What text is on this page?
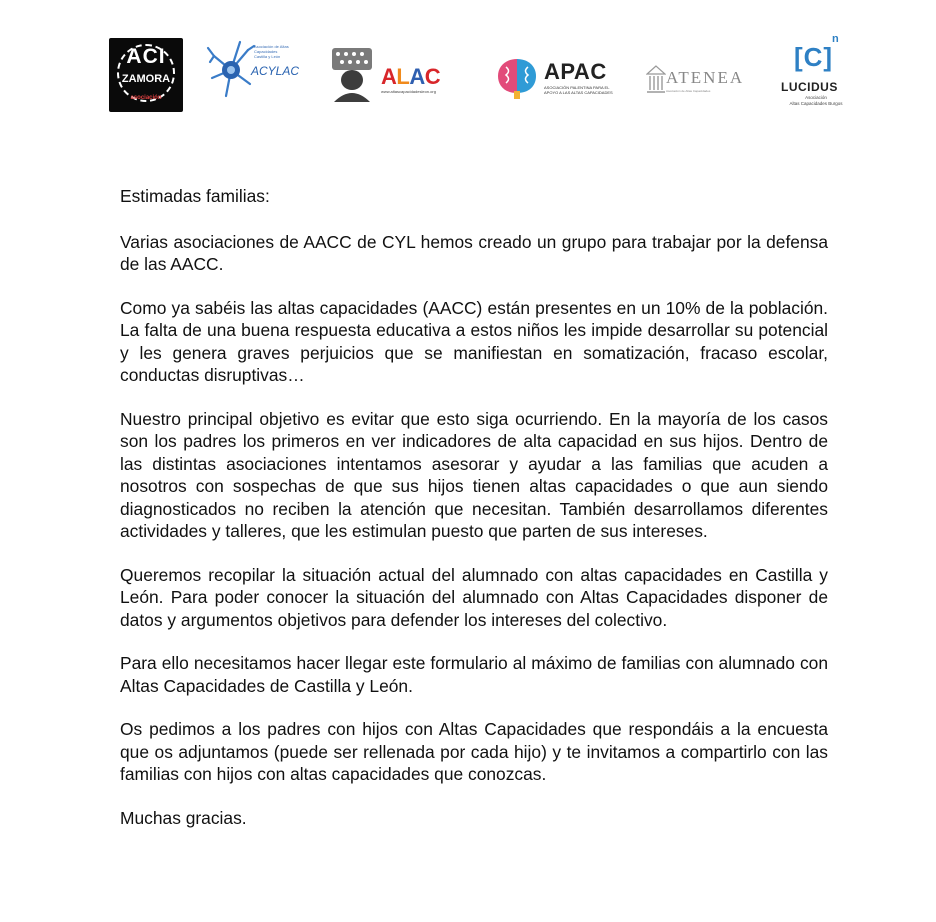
ACI
ZAMORA
asociación
Asociación de Altas Capacidades Castilla y León
ACYLAC	ALAC
www.altascapacidadesleon.org
APAC
ASOCIACIÓN PALENTINA PARA EL
APOYO A LAS ALTAS CAPACIDADES
ATENEA
Asociación de Altas Capacidades
[C]
n
LUCIDUS
Asociación
Altas Capacidades Burgos

Estimadas familias:

Varias asociaciones de AACC de CYL hemos creado un grupo para trabajar por la defensa de las AACC.

Como ya sabéis las altas capacidades (AACC) están presentes en un 10% de la población. La falta de una buena respuesta educativa a estos niños les impide desarrollar su potencial y les genera graves perjuicios que se manifiestan en somatización, fracaso escolar, conductas disruptivas…

Nuestro principal objetivo es evitar que esto siga ocurriendo. En la mayoría de los casos son los padres los primeros en ver indicadores de alta capacidad en sus hijos. Dentro de las distintas asociaciones intentamos asesorar y ayudar a las familias que acuden a nosotros con sospechas de que sus hijos tienen altas capacidades o que aun siendo diagnosticados no reciben la atención que necesitan. También desarrollamos diferentes actividades y talleres, que les estimulan puesto que parten de sus intereses.

Queremos recopilar la situación actual del alumnado con altas capacidades en Castilla y León. Para poder conocer la situación del alumnado con Altas Capacidades disponer de datos y argumentos objetivos para defender los intereses del colectivo.

Para ello necesitamos hacer llegar este formulario al máximo de familias con alumnado con Altas Capacidades de Castilla y León.

Os pedimos a los padres con hijos con Altas Capacidades que respondáis a la encuesta que os adjuntamos (puede ser rellenada por cada hijo) y te invitamos a compartirlo con las familias con hijos con altas capacidades que conozcas.

Muchas gracias.
